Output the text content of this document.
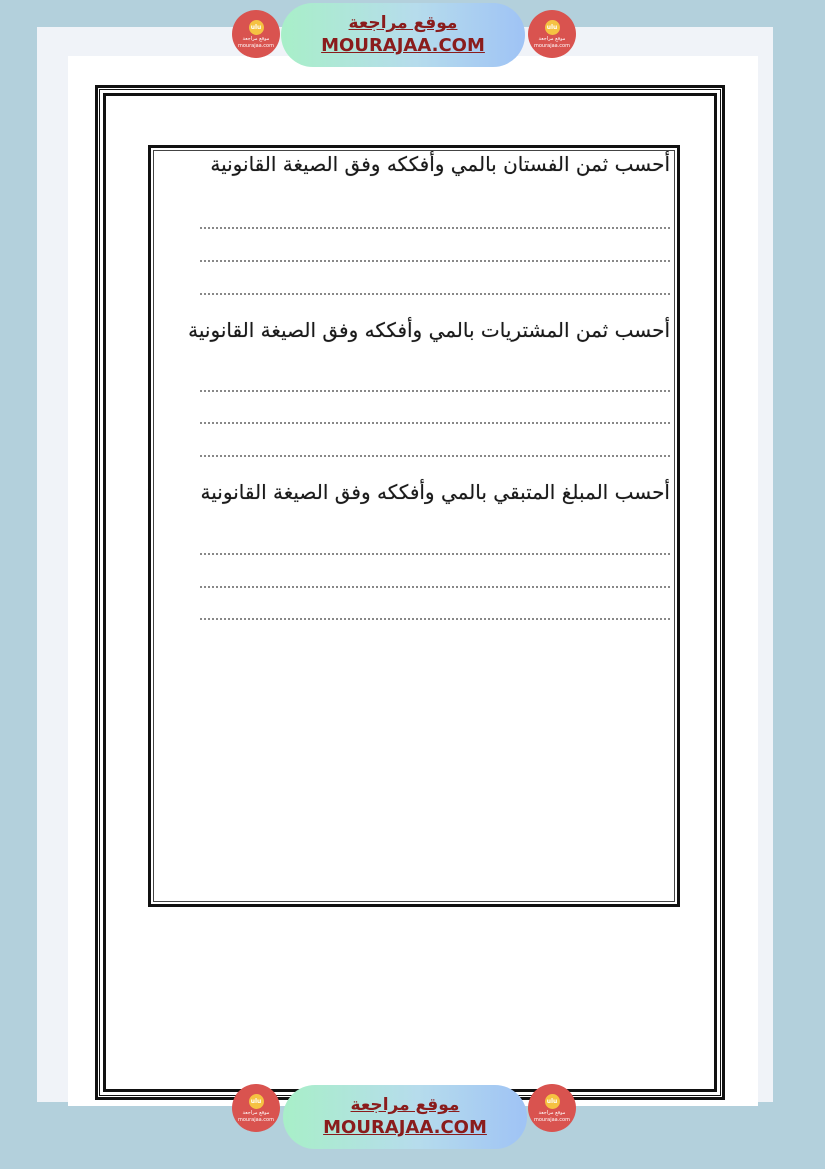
أحسب ثمن الفستان بالمي وأفككه وفق الصيغة القانونية
أحسب ثمن المشتريات بالمي وأفككه وفق الصيغة القانونية
أحسب المبلغ المتبقي بالمي وأفككه وفق الصيغة القانونية
ulu
موقع مراجعة
mourajaa.com
موقع مراجعة
MOURAJAA.COM
ulu
موقع مراجعة
mourajaa.com
ulu
موقع مراجعة
mourajaa.com
موقع مراجعة
MOURAJAA.COM
ulu
موقع مراجعة
mourajaa.com
